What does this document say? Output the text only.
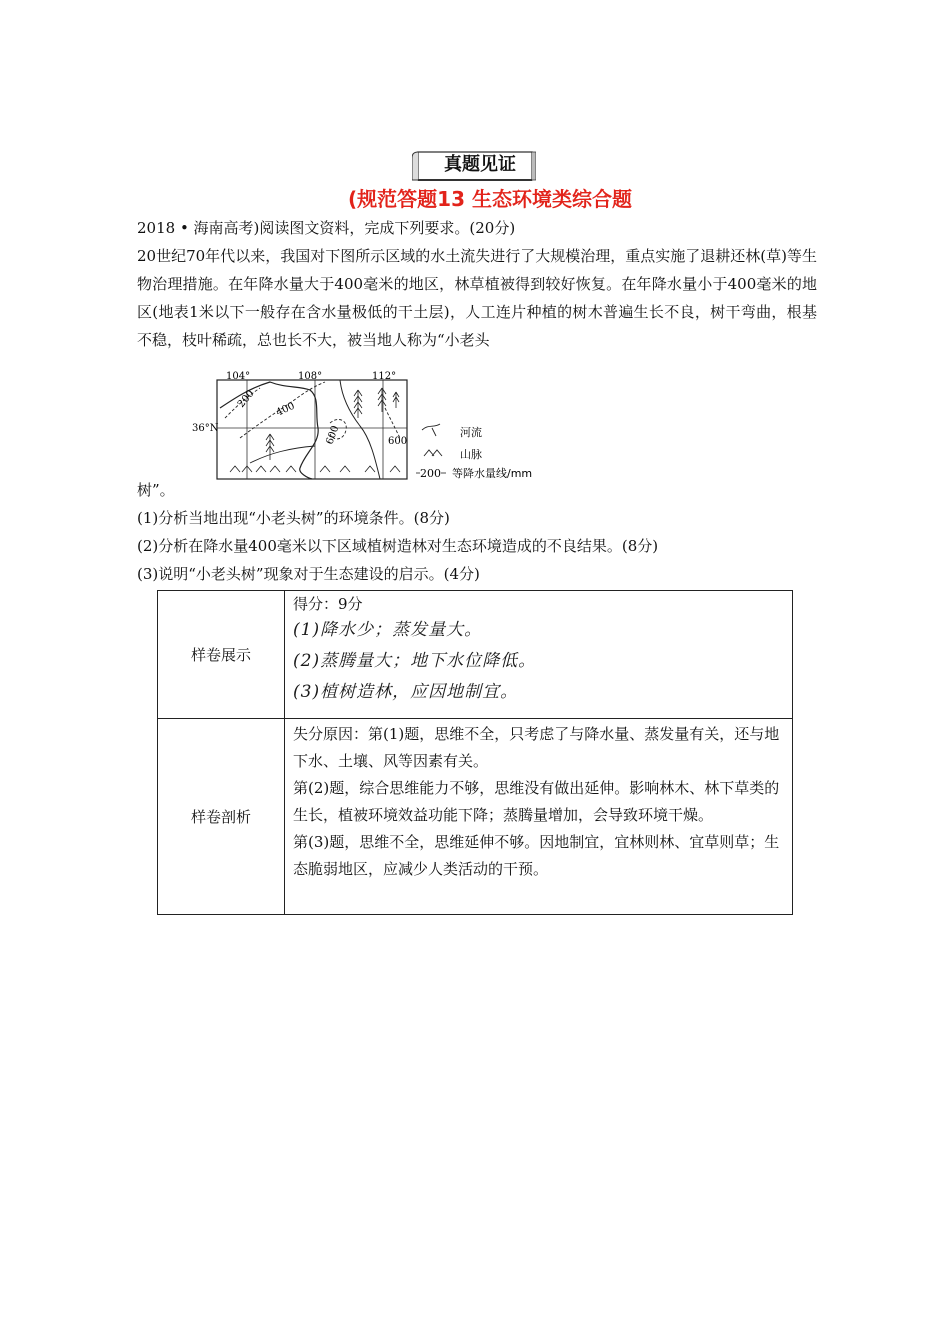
真题见证
(规范答题13 生态环境类综合题

2018 • 海南高考)阅读图文资料，完成下列要求。(20分)

20世纪70年代以来，我国对下图所示区域的水土流失进行了大规模治理，重点实施了退耕还林(草)等生物治理措施。在年降水量大于400毫米的地区，林草植被得到较好恢复。在年降水量小于400毫米的地区(地表1米以下一般存在含水量极低的干土层)，人工连片种植的树木普遍生长不良，树干弯曲，根基不稳，枝叶稀疏，总也长不大，被当地人称为“小老头

200 400
600	600
104°	108°	112°
36°N	河流
山脉
200 等降水量线/mm
树”。

(1)分析当地出现“小老头树”的环境条件。(8分)

(2)分析在降水量400毫米以下区域植树造林对生态环境造成的不良结果。(8分)

(3)说明“小老头树”现象对于生态建设的启示。(4分)

样卷展示	得分：9分

(1)降水少；蒸发量大。

(2)蒸腾量大；地下水位降低。

(3)植树造林，应因地制宜。

样卷剖析	失分原因：第(1)题，思维不全，只考虑了与降水量、蒸发量有关，还与地下水、土壤、风等因素有关。

第(2)题，综合思维能力不够，思维没有做出延伸。影响林木、林下草类的生长，植被环境效益功能下降；蒸腾量增加，会导致环境干燥。

第(3)题，思维不全，思维延伸不够。因地制宜，宜林则林、宜草则草；生态脆弱地区，应减少人类活动的干预。
